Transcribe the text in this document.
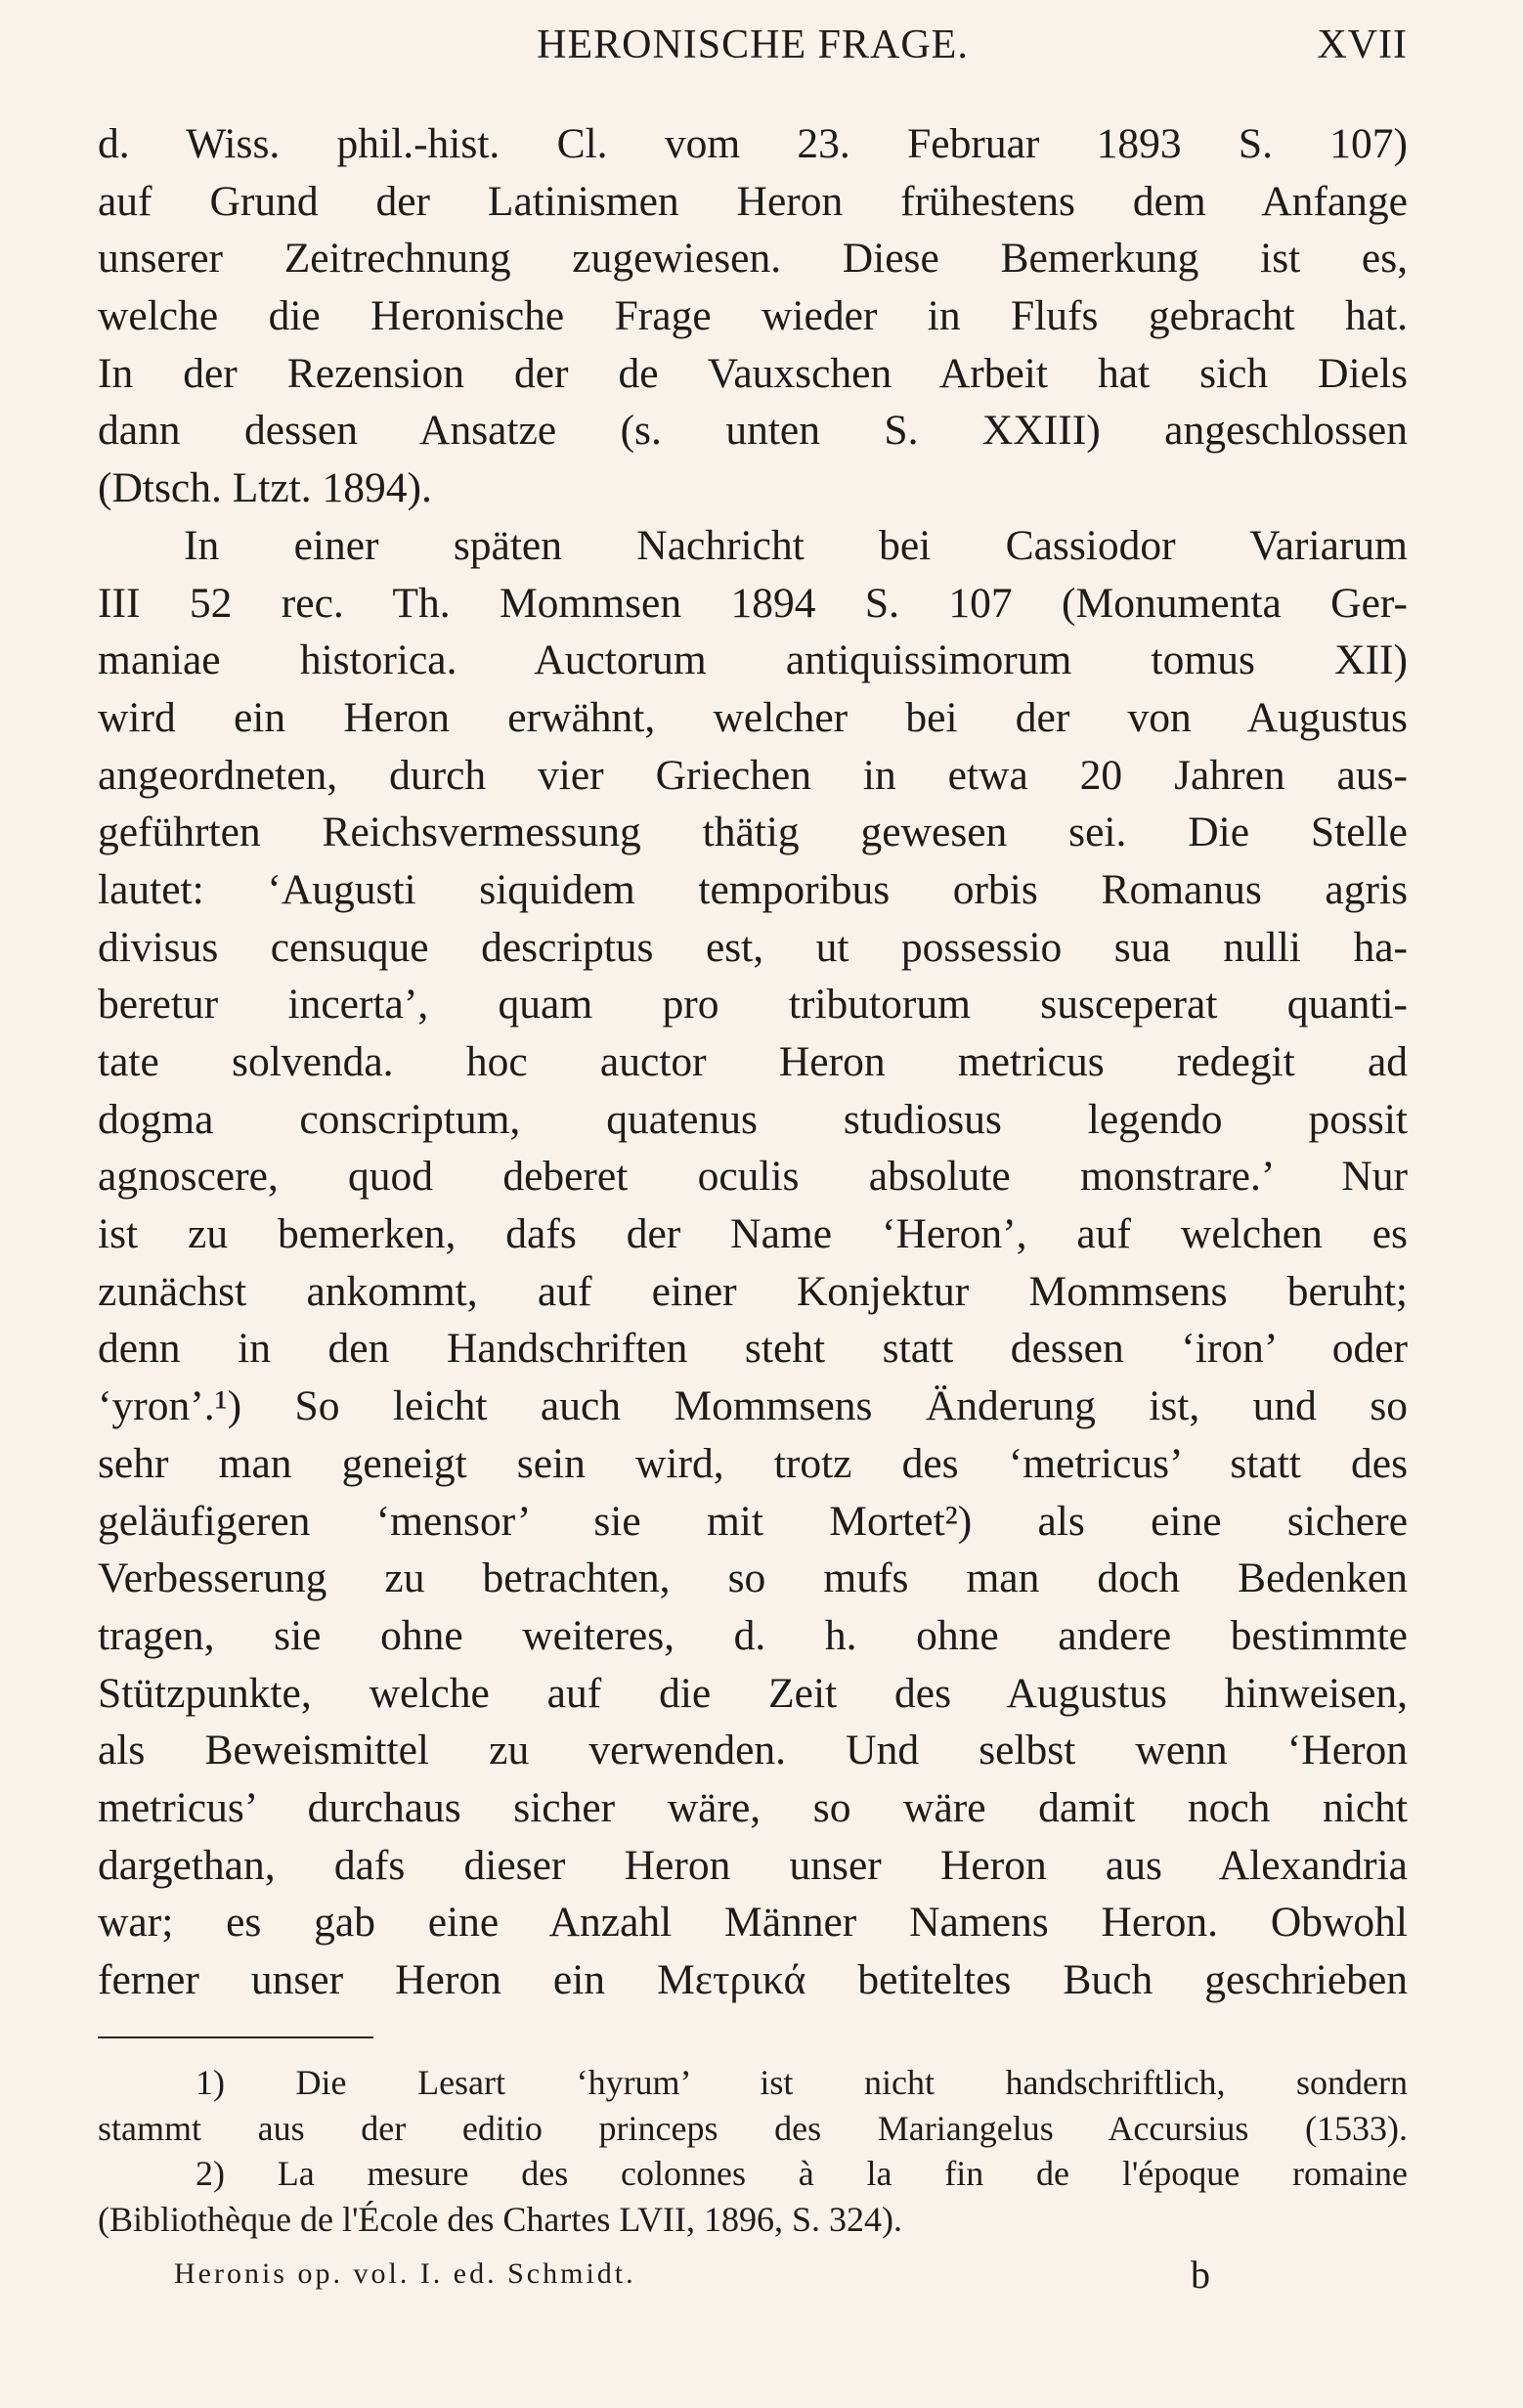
HERONISCHE FRAGE.	XVII
d. Wiss. phil.-hist. Cl. vom 23. Februar 1893 S. 107)
auf Grund der Latinismen Heron frühestens dem Anfange
unserer Zeitrechnung zugewiesen. Diese Bemerkung ist es,
welche die Heronische Frage wieder in Flufs gebracht hat.
In der Rezension der de Vauxschen Arbeit hat sich Diels
dann dessen Ansatze (s. unten S. XXIII) angeschlossen
(Dtsch. Ltzt. 1894).
In einer späten Nachricht bei Cassiodor Variarum
III 52 rec. Th. Mommsen 1894 S. 107 (Monumenta Ger-
maniae historica. Auctorum antiquissimorum tomus XII)
wird ein Heron erwähnt, welcher bei der von Augustus
angeordneten, durch vier Griechen in etwa 20 Jahren aus-
geführten Reichsvermessung thätig gewesen sei. Die Stelle
lautet: ‘Augusti siquidem temporibus orbis Romanus agris
divisus censuque descriptus est, ut possessio sua nulli ha-
beretur incerta’, quam pro tributorum susceperat quanti-
tate solvenda. hoc auctor Heron metricus redegit ad
dogma conscriptum, quatenus studiosus legendo possit
agnoscere, quod deberet oculis absolute monstrare.’ Nur
ist zu bemerken, dafs der Name ‘Heron’, auf welchen es
zunächst ankommt, auf einer Konjektur Mommsens beruht;
denn in den Handschriften steht statt dessen ‘iron’ oder
‘yron’.¹) So leicht auch Mommsens Änderung ist, und so
sehr man geneigt sein wird, trotz des ‘metricus’ statt des
geläufigeren ‘mensor’ sie mit Mortet²) als eine sichere
Verbesserung zu betrachten, so mufs man doch Bedenken
tragen, sie ohne weiteres, d. h. ohne andere bestimmte
Stützpunkte, welche auf die Zeit des Augustus hinweisen,
als Beweismittel zu verwenden. Und selbst wenn ‘Heron
metricus’ durchaus sicher wäre, so wäre damit noch nicht
dargethan, dafs dieser Heron unser Heron aus Alexandria
war; es gab eine Anzahl Männer Namens Heron. Obwohl
ferner unser Heron ein Μετρικά betiteltes Buch geschrieben
1) Die Lesart ‘hyrum’ ist nicht handschriftlich, sondern
stammt aus der editio princeps des Mariangelus Accursius (1533).
2) La mesure des colonnes à la fin de l'époque romaine
(Bibliothèque de l'École des Chartes LVII, 1896, S. 324).
Heronis op. vol. I. ed. Schmidt.	b
